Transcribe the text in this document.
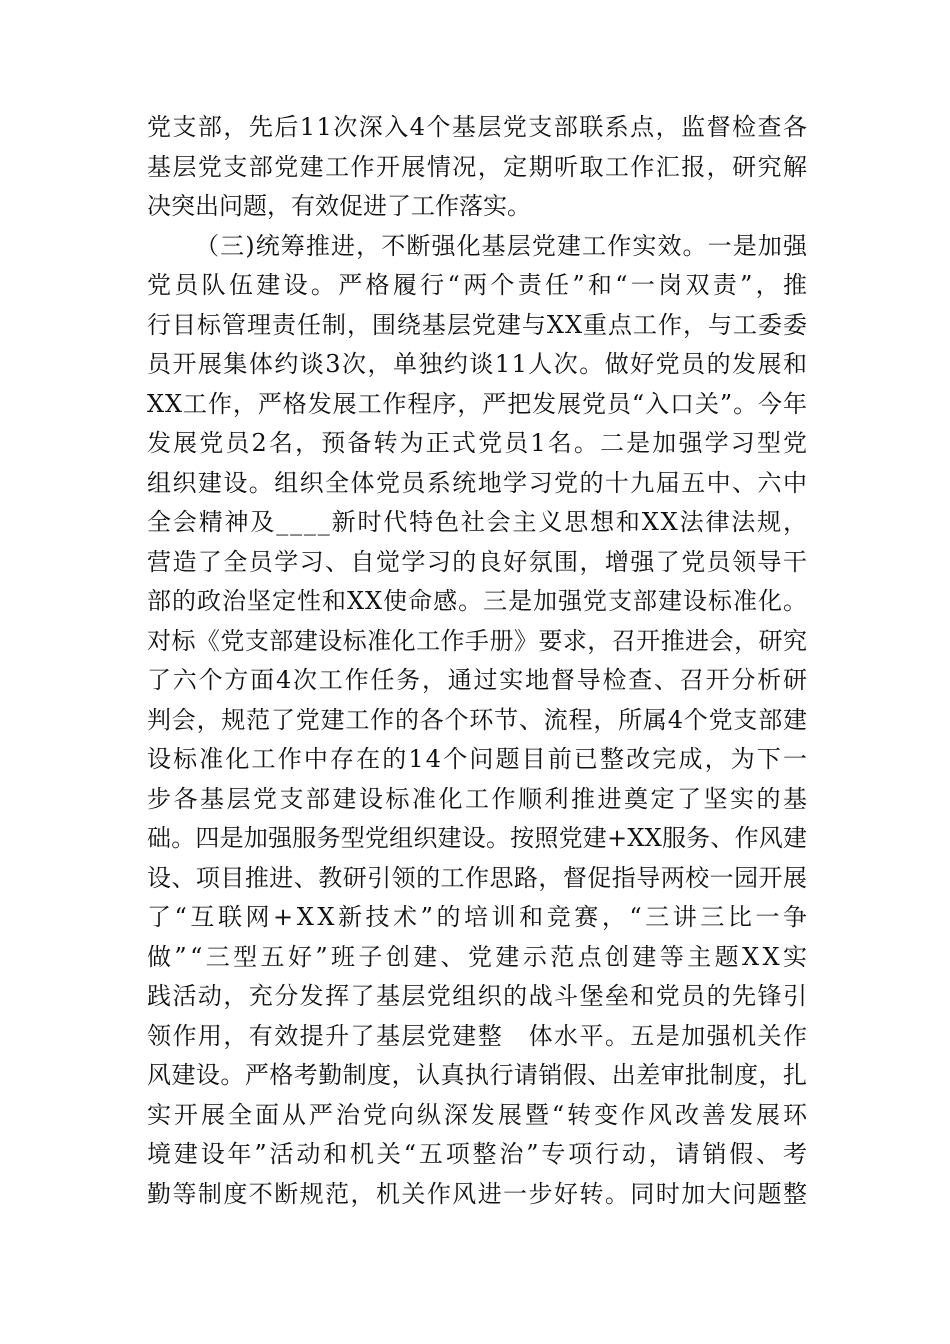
党支部，先后11次深入4个基层党支部联系点，监督检查各
基层党支部党建工作开展情况，定期听取工作汇报，研究解
决突出问题，有效促进了工作落实。
（三)统筹推进，不断强化基层党建工作实效。一是加强
党员队伍建设。严格履行“两个责任”和“一岗双责”，推
行目标管理责任制，围绕基层党建与XX重点工作，与工委委
员开展集体约谈3次，单独约谈11人次。做好党员的发展和
XX工作，严格发展工作程序，严把发展党员“入口关”。今年
发展党员2名，预备转为正式党员1名。二是加强学习型党
组织建设。组织全体党员系统地学习党的十九届五中、六中
全会精神及____新时代特色社会主义思想和XX法律法规，
营造了全员学习、自觉学习的良好氛围，增强了党员领导干
部的政治坚定性和XX使命感。三是加强党支部建设标准化。
对标《党支部建设标准化工作手册》要求，召开推进会，研究
了六个方面4次工作任务，通过实地督导检查、召开分析研
判会，规范了党建工作的各个环节、流程，所属4个党支部建
设标准化工作中存在的14个问题目前已整改完成，为下一
步各基层党支部建设标准化工作顺利推进奠定了坚实的基
础。四是加强服务型党组织建设。按照党建+XX服务、作风建
设、项目推进、教研引领的工作思路，督促指导两校一园开展
了“互联网+XX新技术”的培训和竞赛，“三讲三比一争
做”“三型五好”班子创建、党建示范点创建等主题XX实
践活动，充分发挥了基层党组织的战斗堡垒和党员的先锋引
领作用，有效提升了基层党建整　体水平。五是加强机关作
风建设。严格考勤制度，认真执行请销假、出差审批制度，扎
实开展全面从严治党向纵深发展暨“转变作风改善发展环
境建设年”活动和机关“五项整治”专项行动，请销假、考
勤等制度不断规范，机关作风进一步好转。同时加大问题整
